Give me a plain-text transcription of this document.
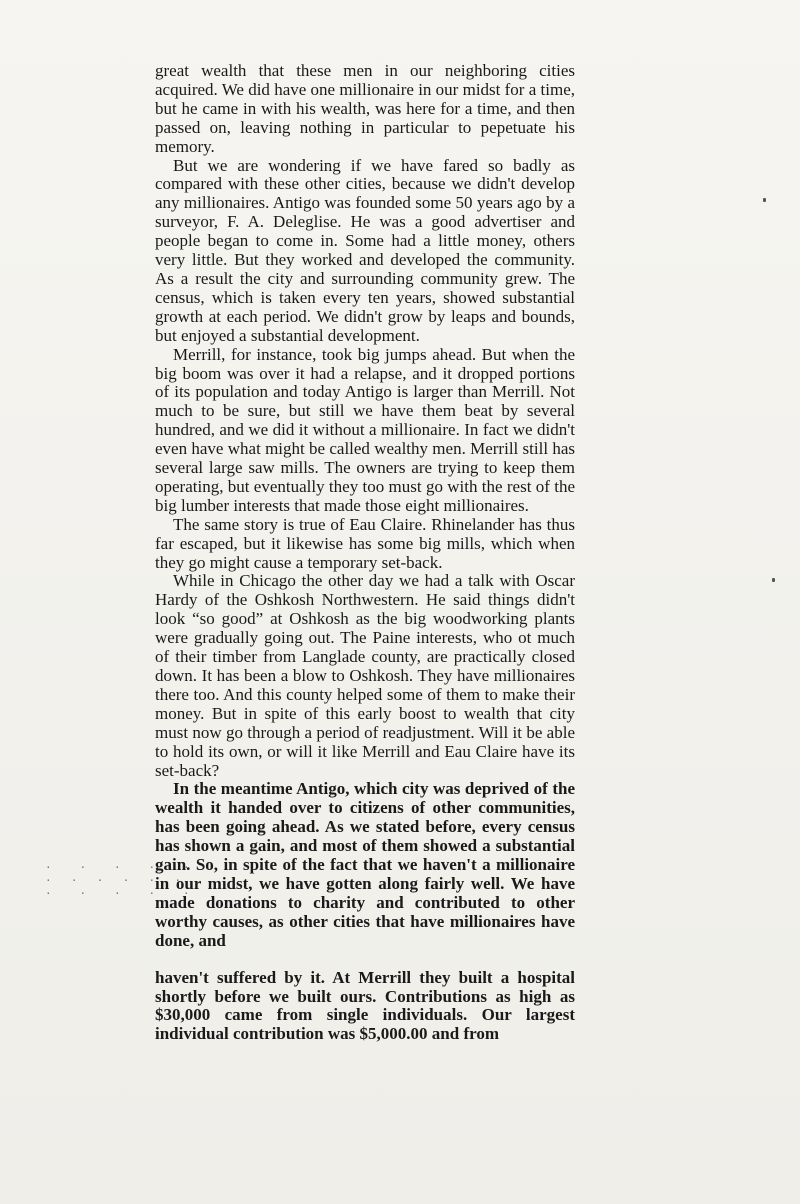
great wealth that these men in our neighboring cities acquired. We did have one millionaire in our midst for a time, but he came in with his wealth, was here for a time, and then passed on, leaving nothing in particular to pepetuate his memory.

But we are wondering if we have fared so badly as compared with these other cities, because we didn't develop any millionaires. Antigo was founded some 50 years ago by a surveyor, F. A. Deleglise. He was a good advertiser and people began to come in. Some had a little money, others very little. But they worked and developed the community. As a result the city and surrounding community grew. The census, which is taken every ten years, showed substantial growth at each period. We didn't grow by leaps and bounds, but enjoyed a substantial development.

Merrill, for instance, took big jumps ahead. But when the big boom was over it had a relapse, and it dropped portions of its population and today Antigo is larger than Merrill. Not much to be sure, but still we have them beat by several hundred, and we did it without a millionaire. In fact we didn't even have what might be called wealthy men. Merrill still has several large saw mills. The owners are trying to keep them operating, but eventually they too must go with the rest of the big lumber interests that made those eight millionaires.

The same story is true of Eau Claire. Rhinelander has thus far escaped, but it likewise has some big mills, which when they go might cause a temporary set-back.

While in Chicago the other day we had a talk with Oscar Hardy of the Oshkosh Northwestern. He said things didn't look “so good” at Oshkosh as the big woodworking plants were gradually going out. The Paine interests, who ot much of their timber from Langlade county, are practically closed down. It has been a blow to Oshkosh. They have millionaires there too. And this county helped some of them to make their money. But in spite of this early boost to wealth that city must now go through a period of readjustment. Will it be able to hold its own, or will it like Merrill and Eau Claire have its set-back?

In the meantime Antigo, which city was deprived of the wealth it handed over to citizens of other communities, has been going ahead. As we stated before, every census has shown a gain, and most of them showed a substantial gain. So, in spite of the fact that we haven't a millionaire in our midst, we have gotten along fairly well. We have made donations to charity and contributed to other worthy causes, as other cities that have millionaires have done, and

haven't suffered by it. At Merrill they built a hospital shortly before we built ours. Contributions as high as $30,000 came from single individuals. Our largest individual contribution was $5,000.00 and from

.   .   .   .   .
.  .  .  .  .  .
.   .   .   .   .
